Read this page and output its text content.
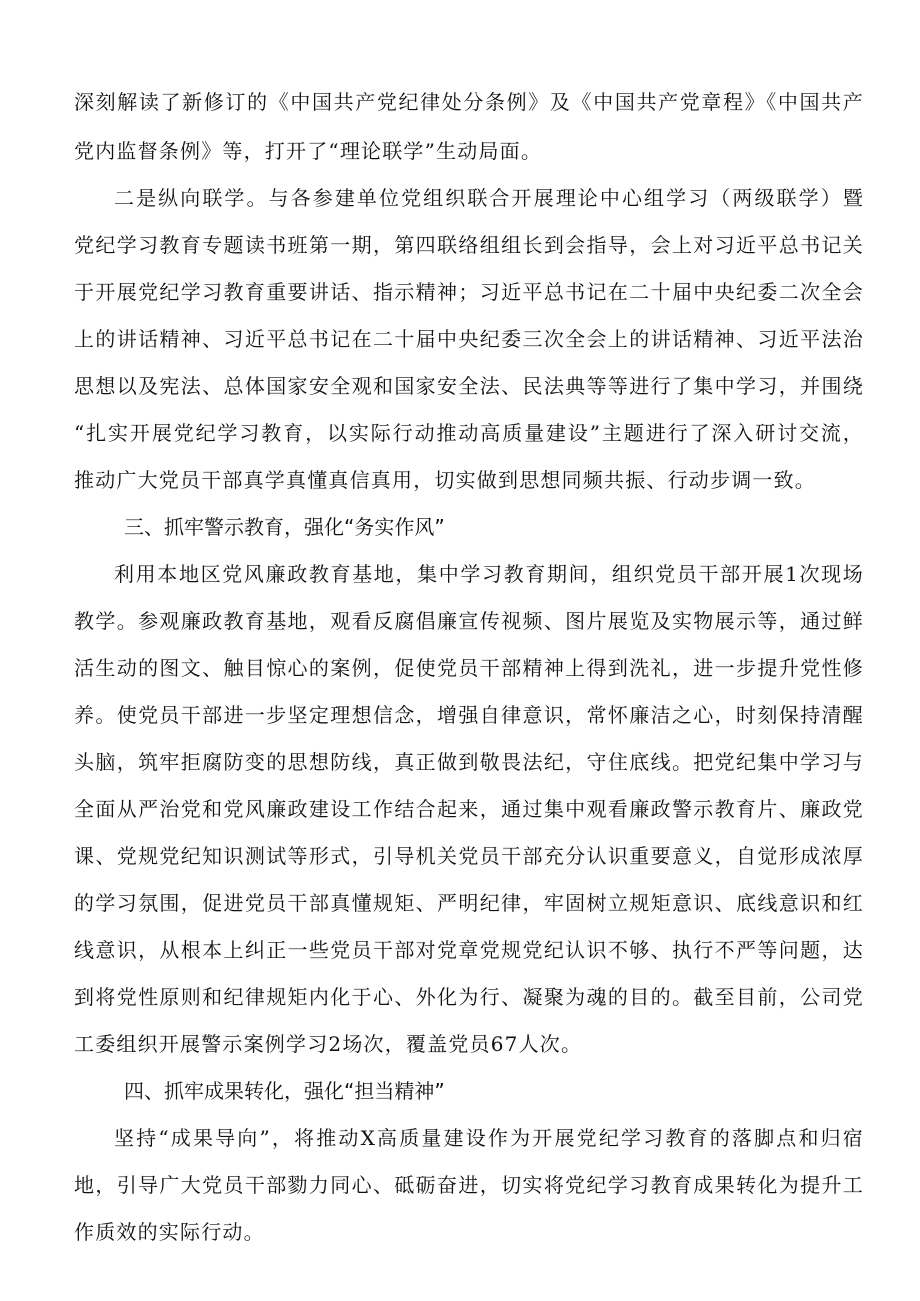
深刻解读了新修订的《中国共产党纪律处分条例》及《中国共产党章程》《中国共产

党内监督条例》等，打开了“理论联学”生动局面。

二是纵向联学。与各参建单位党组织联合开展理论中心组学习（两级联学）暨

党纪学习教育专题读书班第一期，第四联络组组长到会指导，会上对习近平总书记关

于开展党纪学习教育重要讲话、指示精神；习近平总书记在二十届中央纪委二次全会

上的讲话精神、习近平总书记在二十届中央纪委三次全会上的讲话精神、习近平法治

思想以及宪法、总体国家安全观和国家安全法、民法典等等进行了集中学习，并围绕

“扎实开展党纪学习教育，以实际行动推动高质量建设”主题进行了深入研讨交流，

推动广大党员干部真学真懂真信真用，切实做到思想同频共振、行动步调一致。

三、抓牢警示教育，强化“务实作风”

利用本地区党风廉政教育基地，集中学习教育期间，组织党员干部开展1次现场

教学。参观廉政教育基地，观看反腐倡廉宣传视频、图片展览及实物展示等，通过鲜

活生动的图文、触目惊心的案例，促使党员干部精神上得到洗礼，进一步提升党性修

养。使党员干部进一步坚定理想信念，增强自律意识，常怀廉洁之心，时刻保持清醒

头脑，筑牢拒腐防变的思想防线，真正做到敬畏法纪，守住底线。把党纪集中学习与

全面从严治党和党风廉政建设工作结合起来，通过集中观看廉政警示教育片、廉政党

课、党规党纪知识测试等形式，引导机关党员干部充分认识重要意义，自觉形成浓厚

的学习氛围，促进党员干部真懂规矩、严明纪律，牢固树立规矩意识、底线意识和红

线意识，从根本上纠正一些党员干部对党章党规党纪认识不够、执行不严等问题，达

到将党性原则和纪律规矩内化于心、外化为行、凝聚为魂的目的。截至目前，公司党

工委组织开展警示案例学习2场次，覆盖党员67人次。

四、抓牢成果转化，强化“担当精神”

坚持“成果导向”，将推动X高质量建设作为开展党纪学习教育的落脚点和归宿

地，引导广大党员干部勠力同心、砥砺奋进，切实将党纪学习教育成果转化为提升工

作质效的实际行动。
